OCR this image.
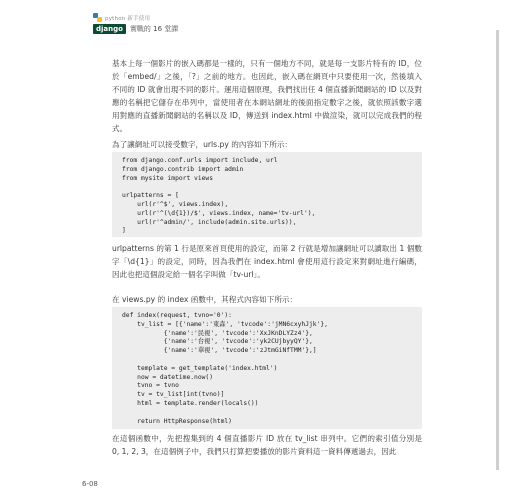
python 新手使用
django	實戰的 16 堂課

基本上每一個影片的嵌入碼都是一樣的，只有一個地方不同，就是每一支影片特有的 ID，位於「embed/」之後，「?」之前的地方。也因此，嵌入碼在網頁中只要使用一次，然後填入不同的 ID 就會出現不同的影片。運用這個原理，我們找出任 4 個直播新聞網站的 ID 以及對應的名稱把它儲存在串列中，當使用者在本網站網址的後面指定數字之後，就依照該數字選用對應的直播新聞網站的名稱以及 ID，傳送到 index.html 中做渲染，就可以完成我們的程式。

為了讓網址可以接受數字，urls.py 的內容如下所示：

from django.conf.urls import include, url
from django.contrib import admin
from mysite import views

urlpatterns = [
url(r'^$', views.index),
url(r'^(\d{1})/$', views.index, name='tv-url'),
url(r'^admin/', include(admin.site.urls)),
]

urlpatterns 的第 1 行是原來首頁使用的設定，而第 2 行就是增加讓網址可以讀取出 1 個數字「\d{1}」的設定，同時，因為我們在 index.html 會使用這行設定來對網址進行編碼，因此也把這個設定給一個名字叫做「tv-url」。

在 views.py 的 index 函數中，其程式內容如下所示：

def index(request, tvno='0'):
tv_list = [{'name':'東森', 'tvcode':'jMN6cxyhJjk'},
{'name':'民視', 'tvcode':'XxJKnDLYZz4'},
{'name':'台視', 'tvcode':'yk2CUjbyyQY'},
{'name':'華視', 'tvcode':'zJtmGiNfTMM'},]

template = get_template('index.html')
now = datetime.now()
tvno = tvno
tv = tv_list[int(tvno)]
html = template.render(locals())

return HttpResponse(html)

在這個函數中，先把搜集到的 4 個直播影片 ID 放在 tv_list 串列中。它們的索引值分別是 0, 1, 2, 3，在這個例子中，我們只打算把要播放的影片資料這一資料傳遞過去，因此

6-08
